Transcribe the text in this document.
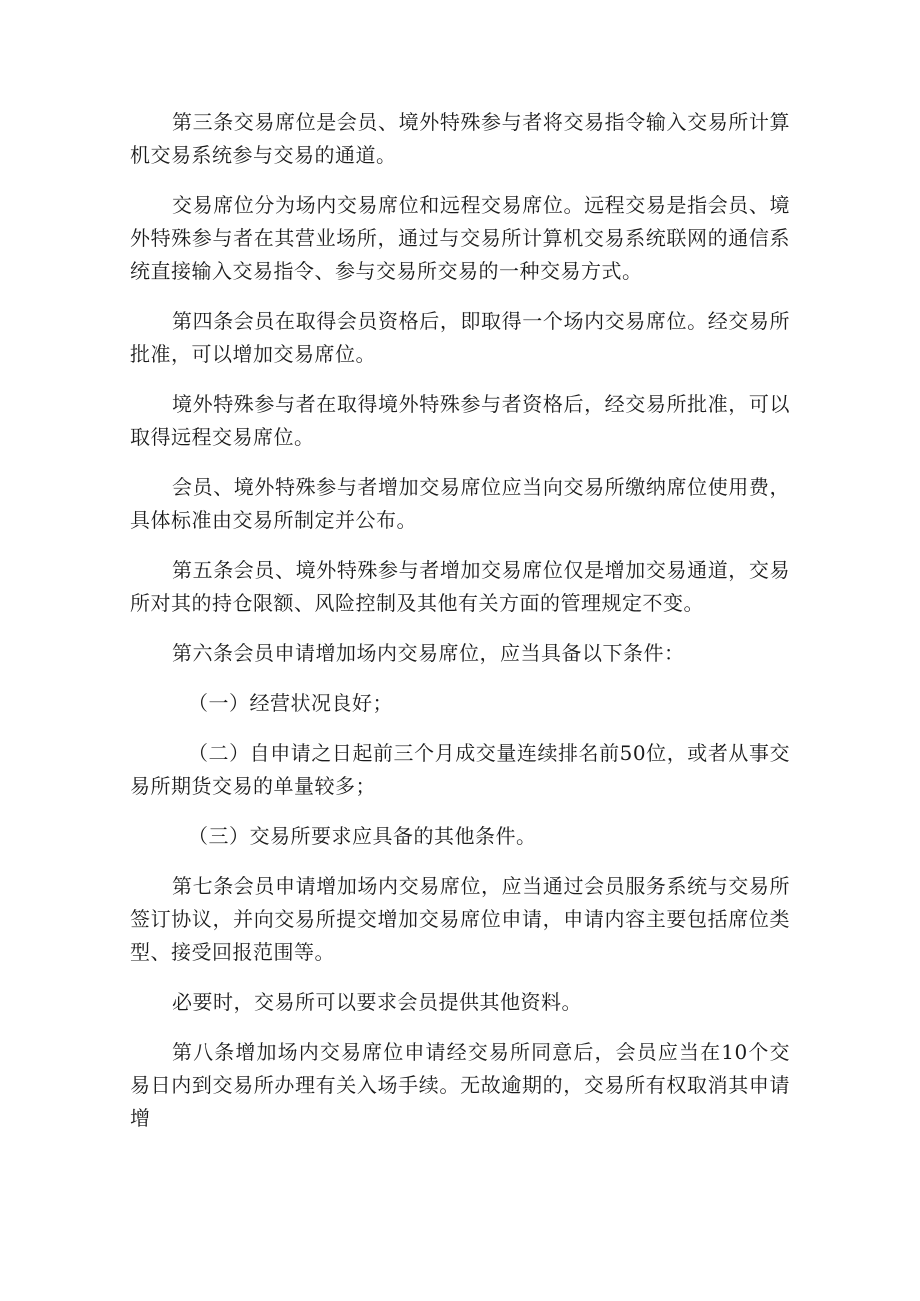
第三条交易席位是会员、境外特殊参与者将交易指令输入交易所计算机交易系统参与交易的通道。

交易席位分为场内交易席位和远程交易席位。远程交易是指会员、境外特殊参与者在其营业场所，通过与交易所计算机交易系统联网的通信系统直接输入交易指令、参与交易所交易的一种交易方式。

第四条会员在取得会员资格后，即取得一个场内交易席位。经交易所批准，可以增加交易席位。

境外特殊参与者在取得境外特殊参与者资格后，经交易所批准，可以取得远程交易席位。

会员、境外特殊参与者增加交易席位应当向交易所缴纳席位使用费，具体标准由交易所制定并公布。

第五条会员、境外特殊参与者增加交易席位仅是增加交易通道，交易所对其的持仓限额、风险控制及其他有关方面的管理规定不变。

第六条会员申请增加场内交易席位，应当具备以下条件：

（一）经营状况良好；

（二）自申请之日起前三个月成交量连续排名前50位，或者从事交易所期货交易的单量较多；

（三）交易所要求应具备的其他条件。

第七条会员申请增加场内交易席位，应当通过会员服务系统与交易所签订协议，并向交易所提交增加交易席位申请，申请内容主要包括席位类型、接受回报范围等。

必要时，交易所可以要求会员提供其他资料。

第八条增加场内交易席位申请经交易所同意后，会员应当在10个交易日内到交易所办理有关入场手续。无故逾期的，交易所有权取消其申请增
